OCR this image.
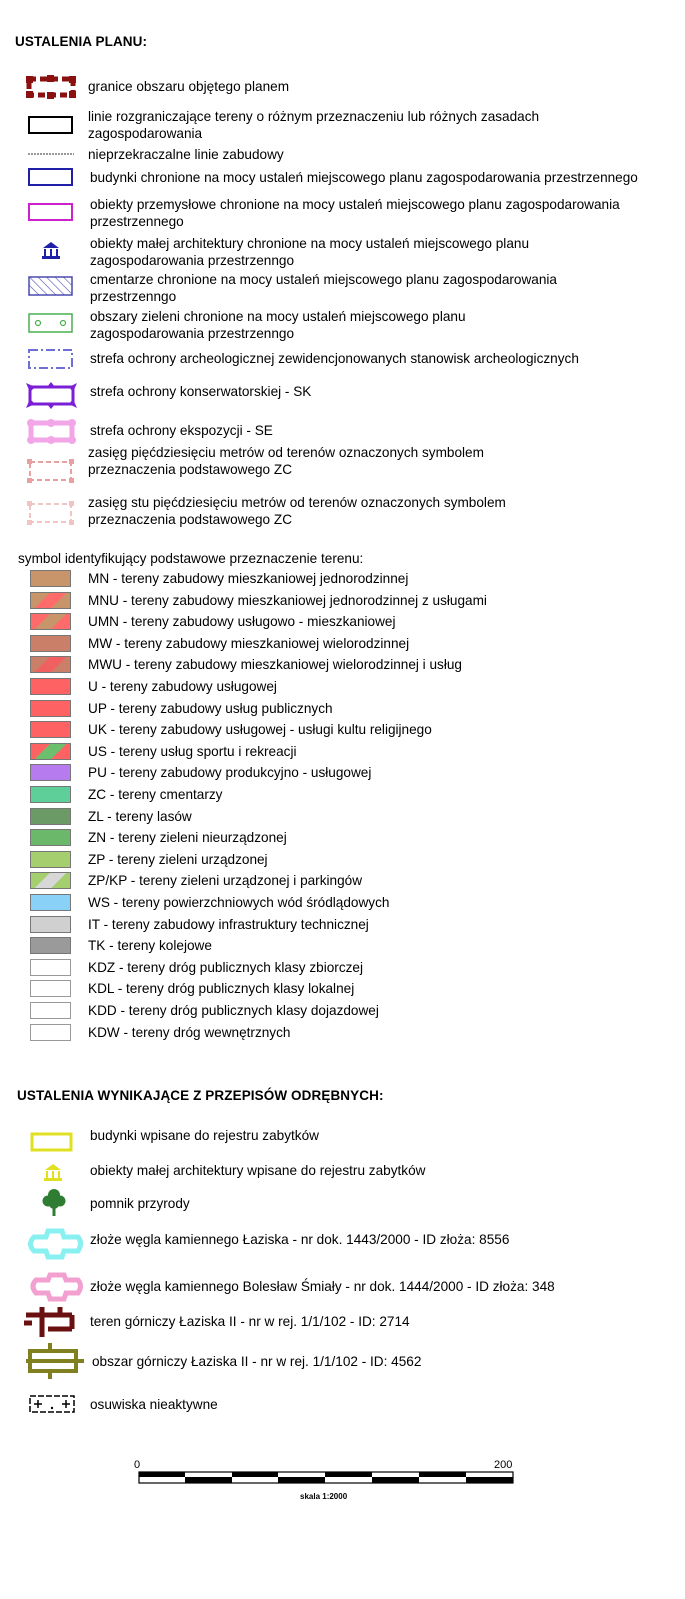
USTALENIA PLANU:
granice obszaru objętego planem
linie rozgraniczające tereny o różnym przeznaczeniu lub różnych zasadach
zagospodarowania
nieprzekraczalne linie zabudowy
budynki chronione na mocy ustaleń miejscowego planu zagospodarowania przestrzennego
obiekty przemysłowe chronione na mocy ustaleń miejscowego planu zagospodarowania
przestrzennego
obiekty małej architektury chronione na mocy ustaleń miejscowego planu
zagospodarowania przestrzenngo
cmentarze chronione na mocy ustaleń miejscowego planu zagospodarowania
przestrzenngo
obszary zieleni chronione na mocy ustaleń miejscowego planu
zagospodarowania przestrzenngo
strefa ochrony archeologicznej zewidencjonowanych stanowisk archeologicznych
strefa ochrony konserwatorskiej - SK
strefa ochrony ekspozycji - SE
zasięg pięćdziesięciu metrów od terenów oznaczonych symbolem
przeznaczenia podstawowego ZC
zasięg stu pięćdziesięciu metrów od terenów oznaczonych symbolem
przeznaczenia podstawowego ZC
symbol identyfikujący podstawowe przeznaczenie terenu:
MN - tereny zabudowy mieszkaniowej jednorodzinnej
MNU - tereny zabudowy mieszkaniowej jednorodzinnej z usługami
UMN - tereny zabudowy usługowo - mieszkaniowej
MW - tereny zabudowy mieszkaniowej wielorodzinnej
MWU - tereny zabudowy mieszkaniowej wielorodzinnej i usług
U - tereny zabudowy usługowej
UP - tereny zabudowy usług publicznych
UK - tereny zabudowy usługowej - usługi kultu religijnego
US - tereny usług sportu i rekreacji
PU - tereny zabudowy produkcyjno - usługowej
ZC - tereny cmentarzy
ZL - tereny lasów
ZN - tereny zieleni nieurządzonej
ZP - tereny zieleni urządzonej
ZP/KP - tereny zieleni urządzonej i parkingów
WS - tereny powierzchniowych wód śródlądowych
IT - tereny zabudowy infrastruktury technicznej
TK - tereny kolejowe
KDZ - tereny dróg publicznych klasy zbiorczej
KDL - tereny dróg publicznych klasy lokalnej
KDD - tereny dróg publicznych klasy dojazdowej
KDW - tereny dróg wewnętrznych
USTALENIA WYNIKAJĄCE Z PRZEPISÓW ODRĘBNYCH:
budynki wpisane do rejestru zabytków
obiekty małej architektury wpisane do rejestru zabytków
pomnik przyrody
złoże węgla kamiennego Łaziska - nr dok. 1443/2000 - ID złoża: 8556
złoże węgla kamiennego Bolesław Śmiały - nr dok. 1444/2000 - ID złoża: 348
teren górniczy Łaziska II - nr w rej. 1/1/102 - ID: 2714
obszar górniczy Łaziska II - nr w rej. 1/1/102 - ID: 4562
osuwiska nieaktywne
0	200
skala 1:2000
